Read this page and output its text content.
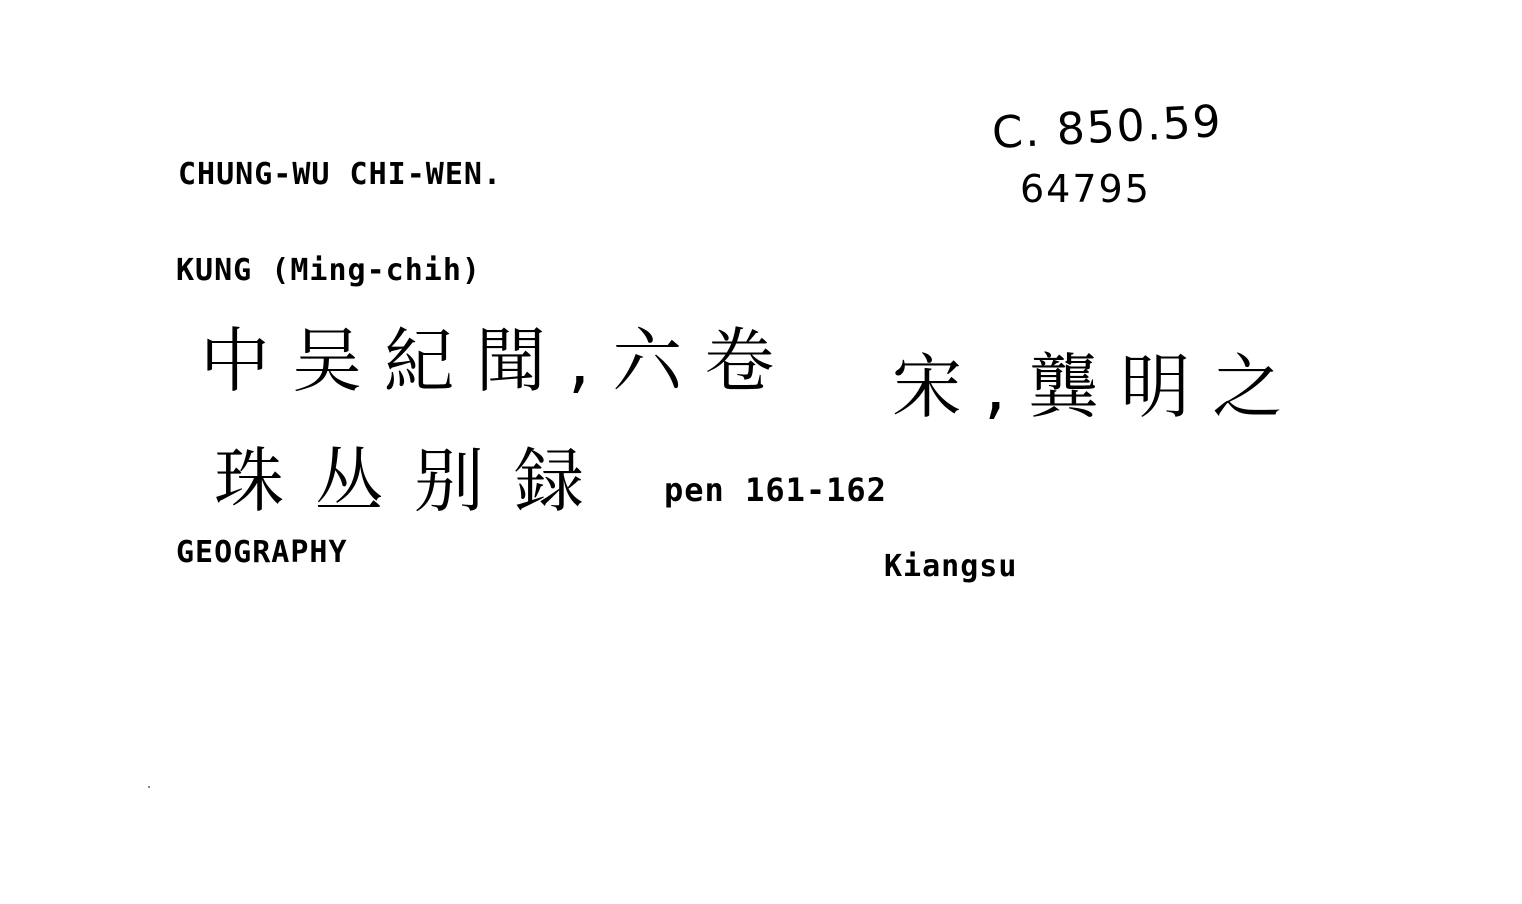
C. 850.59
64795
CHUNG-WU CHI-WEN.
KUNG (Ming-chih)
中吴紀聞,六卷 宋,龔明之
珠丛别録 pen 161-162
GEOGRAPHY	Kiangsu
